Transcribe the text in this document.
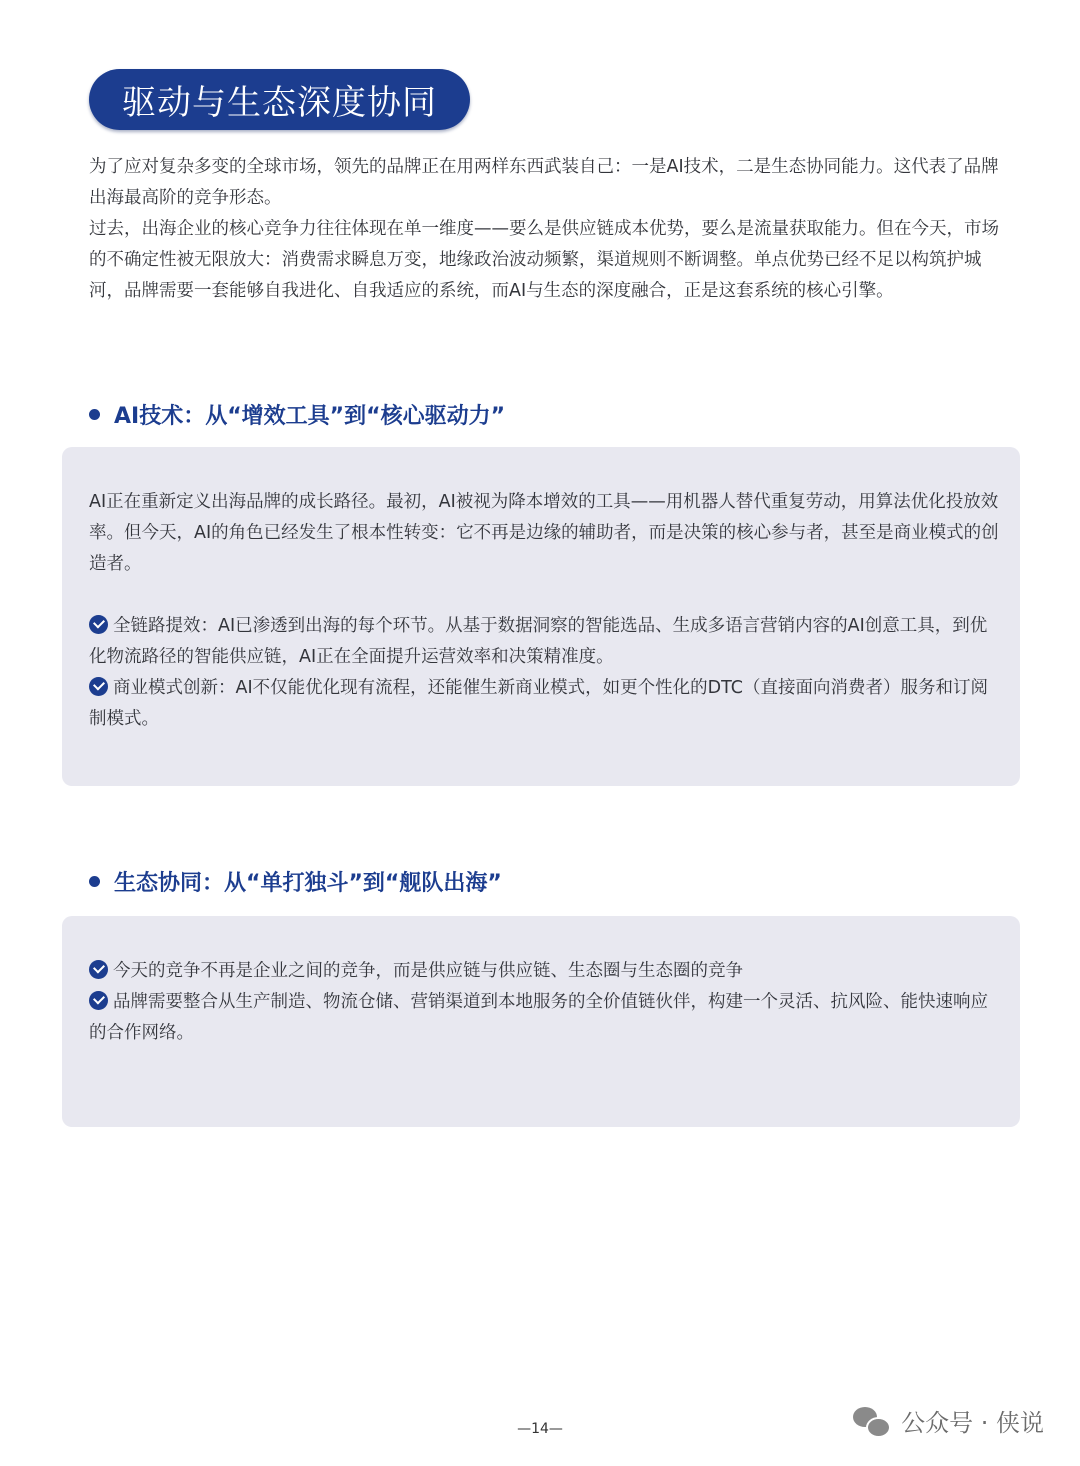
驱动与生态深度协同

为了应对复杂多变的全球市场，领先的品牌正在用两样东西武装自己：一是AI技术，二是生态协同能力。这代表了品牌出海最高阶的竞争形态。

过去，出海企业的核心竞争力往往体现在单一维度——要么是供应链成本优势，要么是流量获取能力。但在今天，市场的不确定性被无限放大：消费需求瞬息万变，地缘政治波动频繁，渠道规则不断调整。单点优势已经不足以构筑护城河，品牌需要一套能够自我进化、自我适应的系统，而AI与生态的深度融合，正是这套系统的核心引擎。

AI技术：从“增效工具”到“核心驱动力”

AI正在重新定义出海品牌的成长路径。最初，AI被视为降本增效的工具——用机器人替代重复劳动，用算法优化投放效率。但今天，AI的角色已经发生了根本性转变：它不再是边缘的辅助者，而是决策的核心参与者，甚至是商业模式的创造者。

全链路提效：AI已渗透到出海的每个环节。从基于数据洞察的智能选品、生成多语言营销内容的AI创意工具，到优化物流路径的智能供应链，AI正在全面提升运营效率和决策精准度。

商业模式创新：AI不仅能优化现有流程，还能催生新商业模式，如更个性化的DTC（直接面向消费者）服务和订阅制模式。

生态协同：从“单打独斗”到“舰队出海”

今天的竞争不再是企业之间的竞争，而是供应链与供应链、生态圈与生态圈的竞争

品牌需要整合从生产制造、物流仓储、营销渠道到本地服务的全价值链伙伴，构建一个灵活、抗风险、能快速响应的合作网络。

—14—	公众号 · 侠说
